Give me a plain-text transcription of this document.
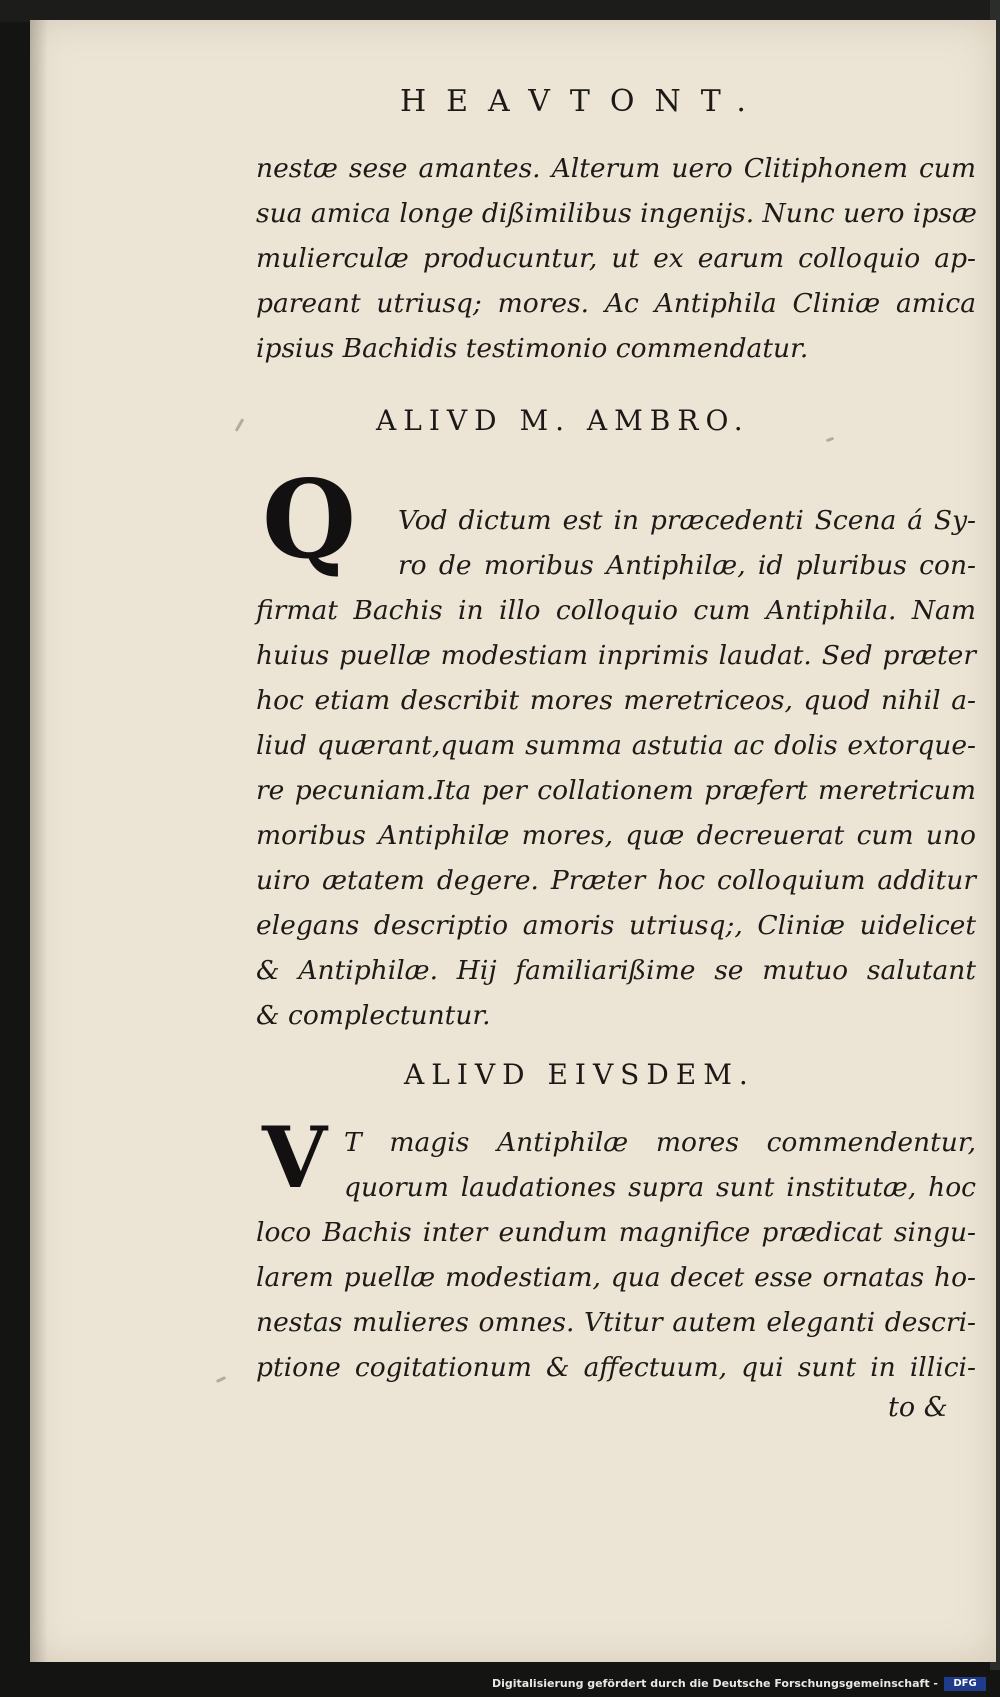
HEAVTONT.
nestæ sese amantes. Alterum uero Clitiphonem cum
sua amica longe dißimilibus ingenijs. Nunc uero ipsæ
mulierculæ producuntur, ut ex earum colloquio ap-
pareant utriusq; mores. Ac Antiphila Cliniæ amica
ipsius Bachidis testimonio commendatur.
ALIVD M. AMBRO.
Q Vod dictum est in præcedenti Scena á Sy-
ro de moribus Antiphilæ, id pluribus con-
firmat Bachis in illo colloquio cum Antiphila. Nam
huius puellæ modestiam inprimis laudat. Sed præter
hoc etiam describit mores meretriceos, quod nihil a-
liud quærant,quam summa astutia ac dolis extorque-
re pecuniam.Ita per collationem præfert meretricum
moribus Antiphilæ mores, quæ decreuerat cum uno
uiro ætatem degere. Præter hoc colloquium additur
elegans descriptio amoris utriusq;, Cliniæ uidelicet
& Antiphilæ. Hij familiarißime se mutuo salutant
& complectuntur.
ALIVD EIVSDEM.
V T magis Antiphilæ mores commendentur,
quorum laudationes supra sunt institutæ, hoc
loco Bachis inter eundum magnifice prædicat singu-
larem puellæ modestiam, qua decet esse ornatas ho-
nestas mulieres omnes. Vtitur autem eleganti descri-
ptione cogitationum & affectuum, qui sunt in illici-
to &
Digitalisierung gefördert durch die Deutsche Forschungsgemeinschaft -	DFG
